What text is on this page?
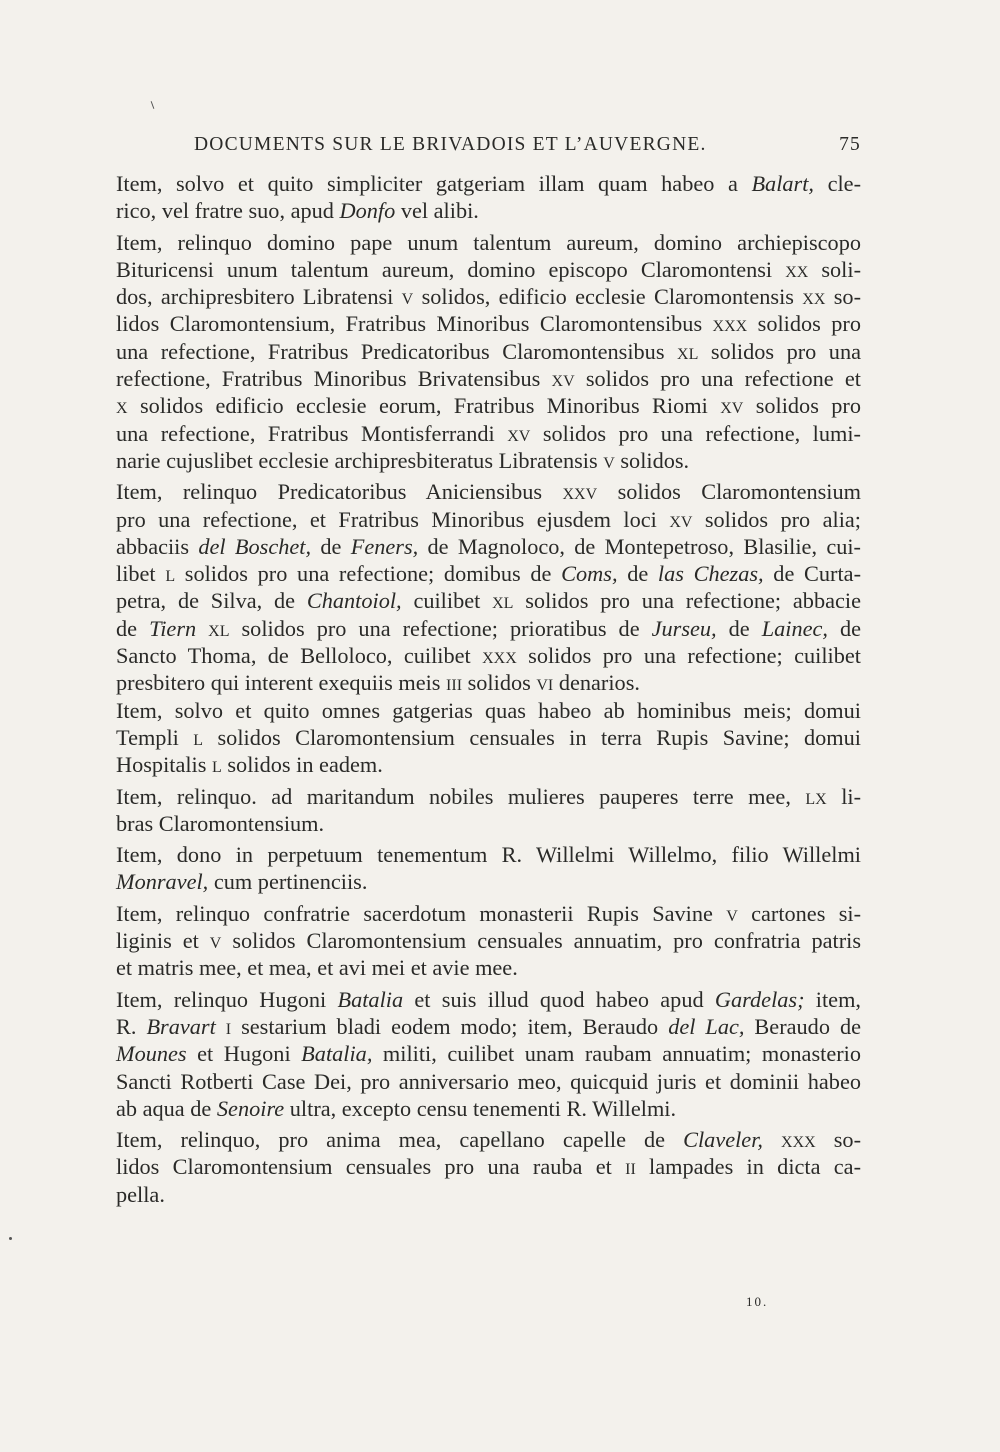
DOCUMENTS SUR LE BRIVADOIS ET L’AUVERGNE.	75
Item, solvo et quito simpliciter gatgeriam illam quam habeo a Balart, cle-
rico, vel fratre suo, apud Donfo vel alibi.
Item, relinquo domino pape unum talentum aureum, domino archiepiscopo
Bituricensi unum talentum aureum, domino episcopo Claromontensi xx soli-
dos, archipresbitero Libratensi v solidos, edificio ecclesie Claromontensis xx so-
lidos Claromontensium, Fratribus Minoribus Claromontensibus xxx solidos pro
una refectione, Fratribus Predicatoribus Claromontensibus xl solidos pro una
refectione, Fratribus Minoribus Brivatensibus xv solidos pro una refectione et
x solidos edificio ecclesie eorum, Fratribus Minoribus Riomi xv solidos pro
una refectione, Fratribus Montisferrandi xv solidos pro una refectione, lumi-
narie cujuslibet ecclesie archipresbiteratus Libratensis v solidos.
Item, relinquo Predicatoribus Aniciensibus xxv solidos Claromontensium
pro una refectione, et Fratribus Minoribus ejusdem loci xv solidos pro alia;
abbaciis del Boschet, de Feners, de Magnoloco, de Montepetroso, Blasilie, cui-
libet l solidos pro una refectione; domibus de Coms, de las Chezas, de Curta-
petra, de Silva, de Chantoiol, cuilibet xl solidos pro una refectione; abbacie
de Tiern xl solidos pro una refectione; prioratibus de Jurseu, de Lainec, de
Sancto Thoma, de Belloloco, cuilibet xxx solidos pro una refectione; cuilibet
presbitero qui interent exequiis meis iii solidos vi denarios.
Item, solvo et quito omnes gatgerias quas habeo ab hominibus meis; domui
Templi l solidos Claromontensium censuales in terra Rupis Savine; domui
Hospitalis l solidos in eadem.
Item, relinquo. ad maritandum nobiles mulieres pauperes terre mee, lx li-
bras Claromontensium.
Item, dono in perpetuum tenementum R. Willelmi Willelmo, filio Willelmi
Monravel, cum pertinenciis.
Item, relinquo confratrie sacerdotum monasterii Rupis Savine v cartones si-
liginis et v solidos Claromontensium censuales annuatim, pro confratria patris
et matris mee, et mea, et avi mei et avie mee.
Item, relinquo Hugoni Batalia et suis illud quod habeo apud Gardelas; item,
R. Bravart i sestarium bladi eodem modo; item, Beraudo del Lac, Beraudo de
Mounes et Hugoni Batalia, militi, cuilibet unam raubam annuatim; monasterio
Sancti Rotberti Case Dei, pro anniversario meo, quicquid juris et dominii habeo
ab aqua de Senoire ultra, excepto censu tenementi R. Willelmi.
Item, relinquo, pro anima mea, capellano capelle de Claveler, xxx so-
lidos Claromontensium censuales pro una rauba et ii lampades in dicta ca-
pella.
10.
